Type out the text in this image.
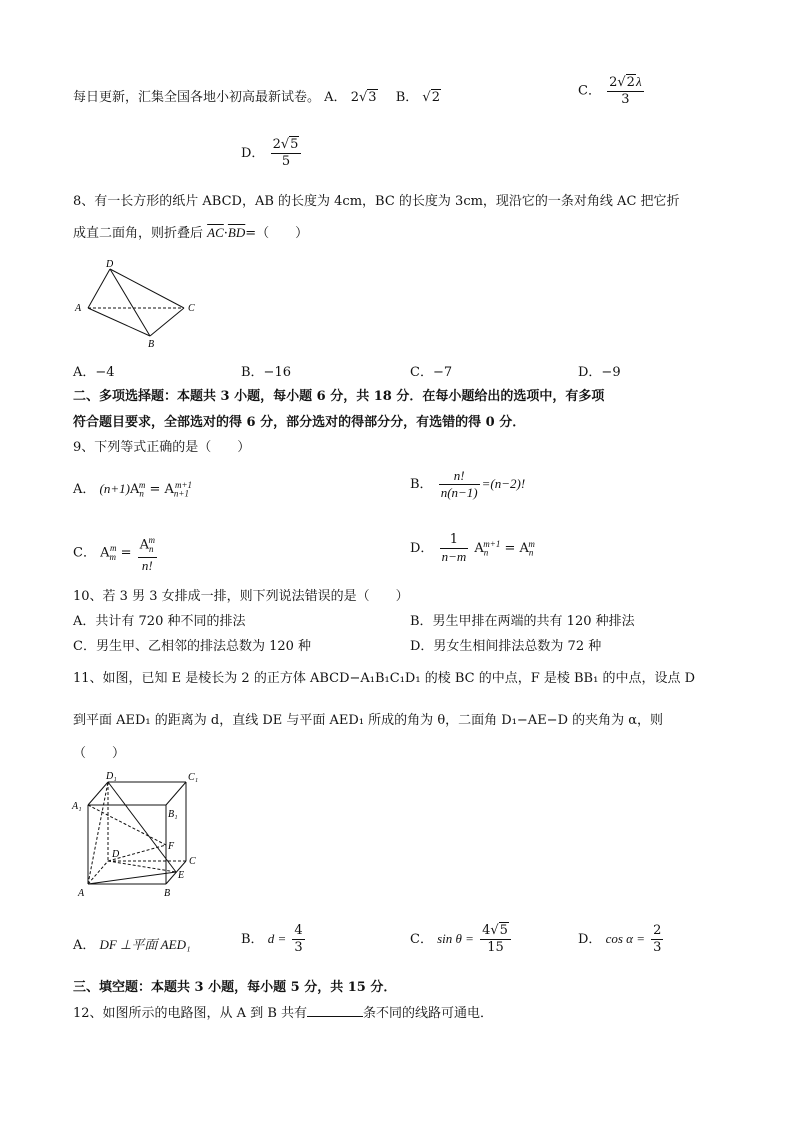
每日更新，汇集全国各地小初高最新试卷。 A． 2√3 B． √2	C． $\frac{2√2\lambda}{3}$
D． $\frac{2√5}{5}$
8、有一长方形的纸片 ABCD，AB 的长度为 4cm，BC 的长度为 3cm，现沿它的一条对角线 AC 把它折
成直二面角，则折叠后 $\overline{AC}\cdot\overline{BD}=$（　　）
D
A	C
B
A．−4	B．−16	C．−7	D．−9
二、多项选择题：本题共 3 小题，每小题 6 分，共 18 分．在每小题给出的选项中，有多项
符合题目要求，全部选对的得 6 分，部分选对的得部分分，有选错的得 0 分．
9、下列等式正确的是（　　）
A． $(n+1)A_n^m = A_{n+1}^{m+1}$	B． $\frac{n!}{n(n-1)} =(n-2)$!
C． $A_m^m = \frac{A_n^m}{n!}$	D． $\frac{1}{n-m} A_n^{m+1} = A_n^m$
10、若 3 男 3 女排成一排，则下列说法错误的是（　　）
A．共计有 720 种不同的排法	B．男生甲排在两端的共有 120 种排法
C．男生甲、乙相邻的排法总数为 120 种	D．男女生相间排法总数为 72 种
11、如图，已知 E 是棱长为 2 的正方体 ABCD−A₁B₁C₁D₁ 的棱 BC 的中点，F 是棱 BB₁ 的中点，设点 D
到平面 AED₁ 的距离为 d，直线 DE 与平面 AED₁ 所成的角为 θ，二面角 D₁−AE−D 的夹角为 α，则
（　　）
D₁	C₁
A₁
B₁
F
D
C
E
A	B
A． DF ⊥平面 AED₁	B． $d = \frac{4}{3}$	C． $\sin \theta = \frac{4√5}{15}$	D． $\cos \alpha = \frac{2}{3}$
三、填空题：本题共 3 小题，每小题 5 分，共 15 分．
12、如图所示的电路图，从 A 到 B 共有	条不同的线路可通电．
